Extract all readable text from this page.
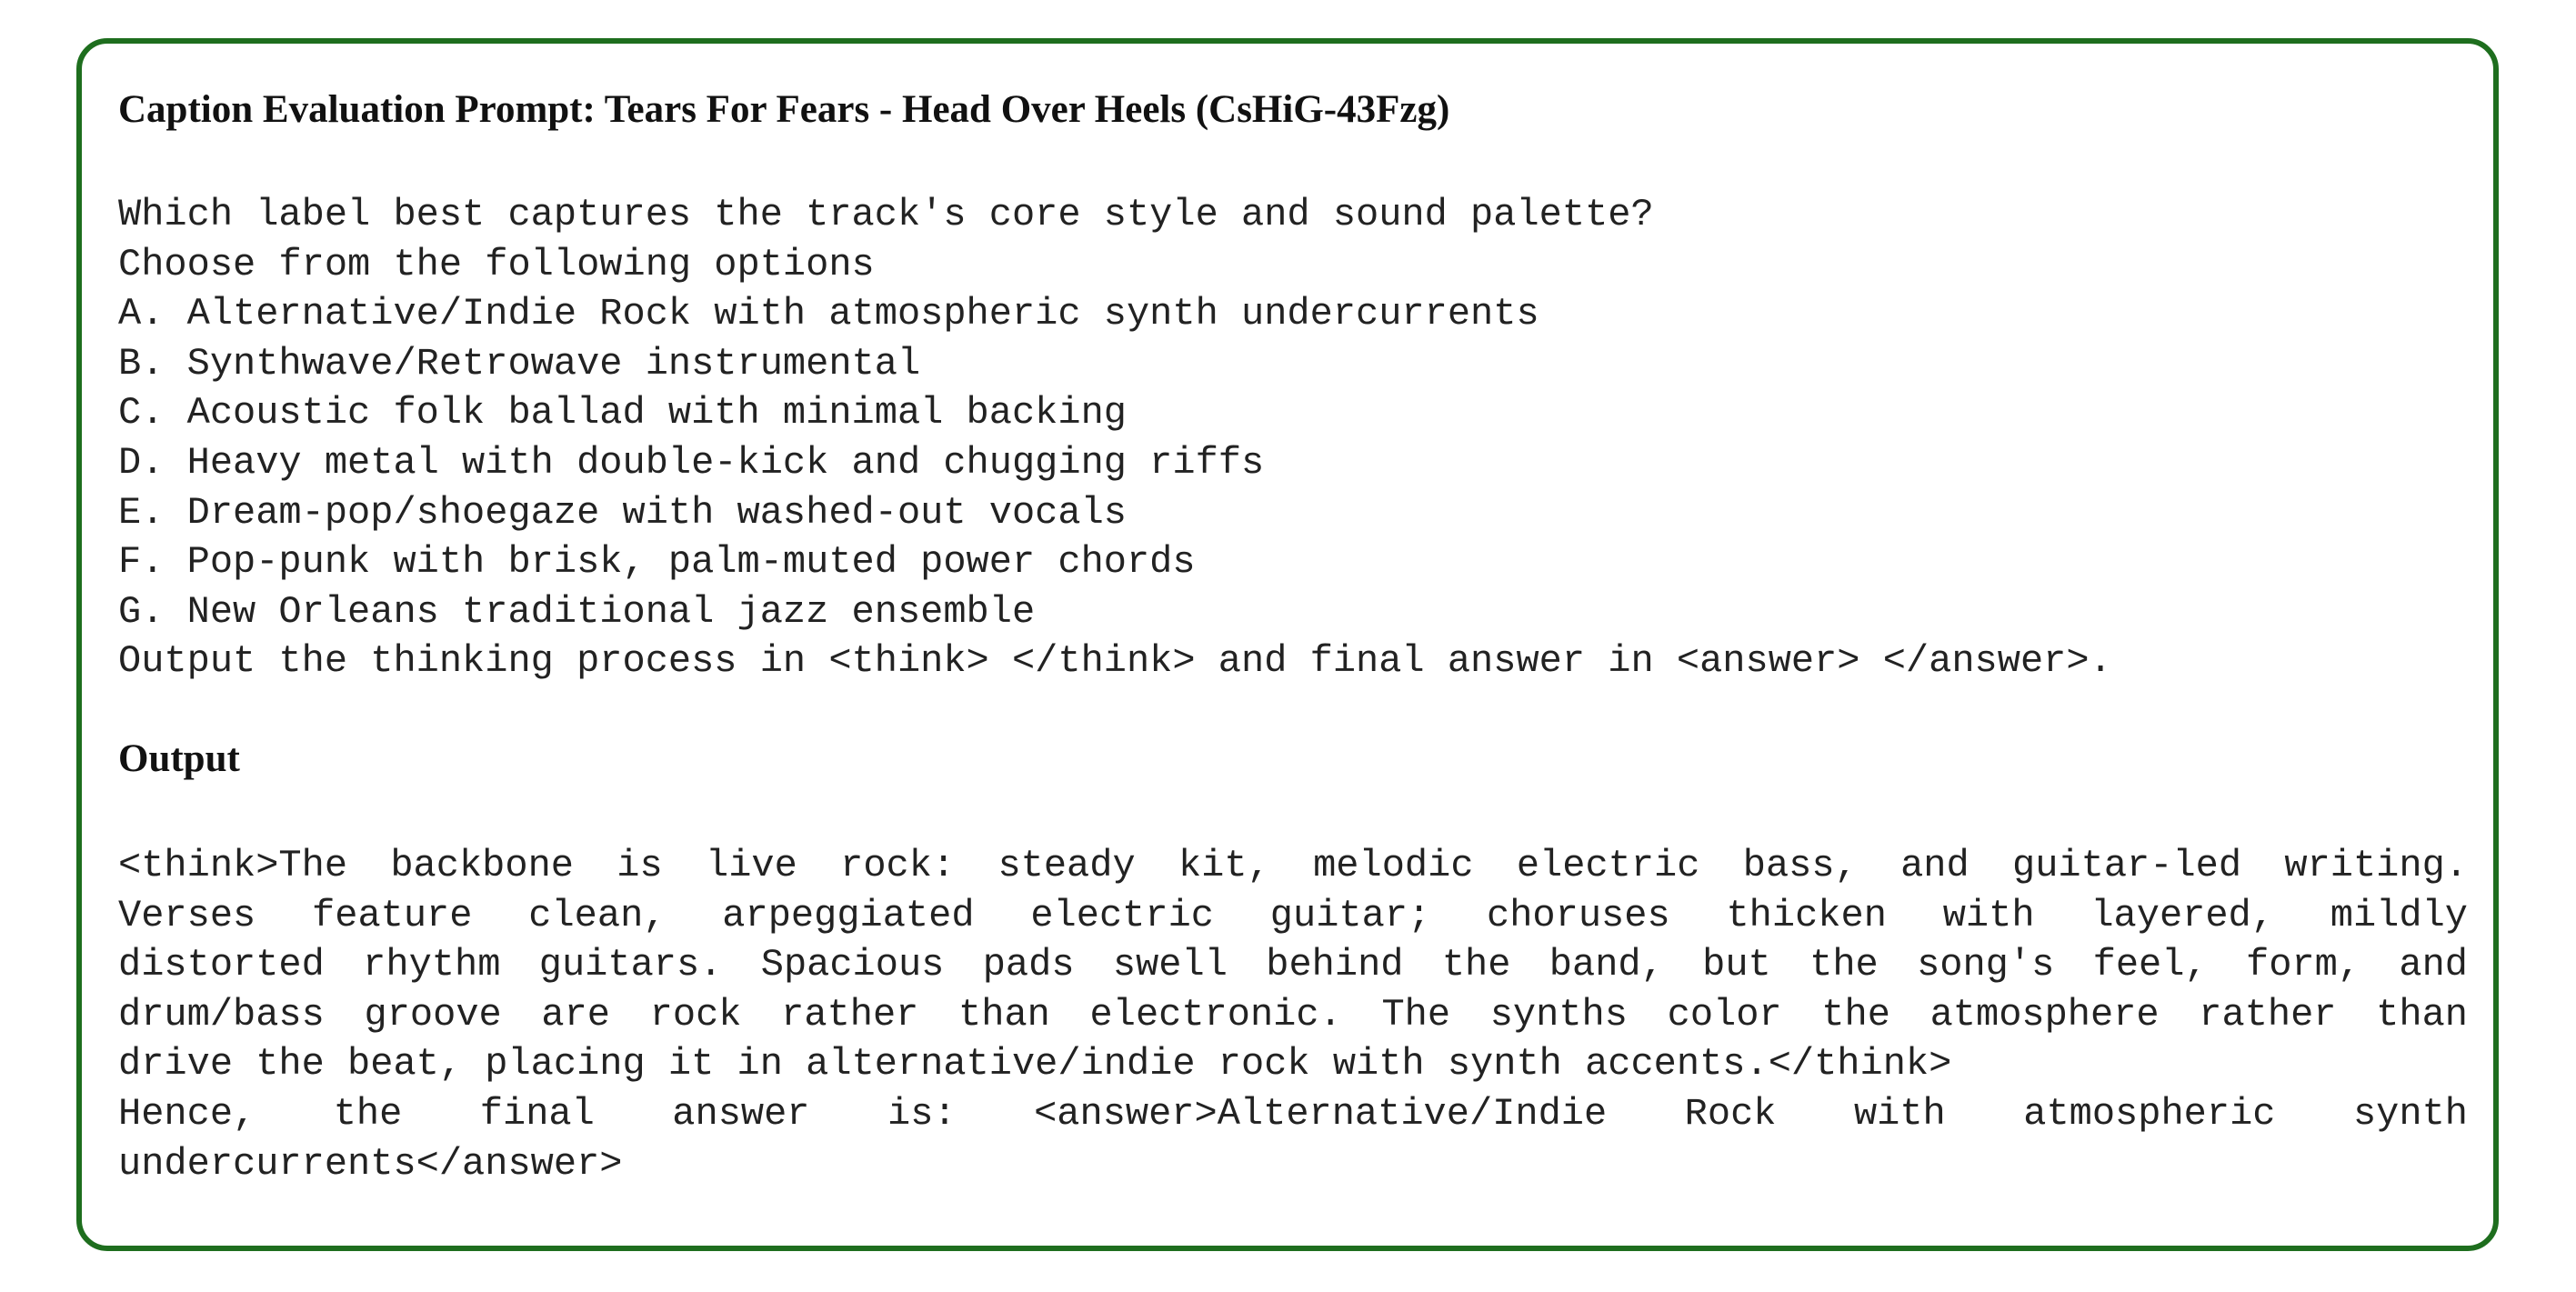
Caption Evaluation Prompt: Tears For Fears - Head Over Heels (CsHiG-43Fzg)
Which label best captures the track's core style and sound palette?
Choose from the following options
A. Alternative/Indie Rock with atmospheric synth undercurrents
B. Synthwave/Retrowave instrumental
C. Acoustic folk ballad with minimal backing
D. Heavy metal with double-kick and chugging riffs
E. Dream-pop/shoegaze with washed-out vocals
F. Pop-punk with brisk, palm-muted power chords
G. New Orleans traditional jazz ensemble
Output the thinking process in <think> </think> and final answer in <answer> </answer>.
Output
<think>The backbone is live rock: steady kit, melodic electric bass, and guitar-led writing.
Verses feature clean, arpeggiated electric guitar; choruses thicken with layered, mildly
distorted rhythm guitars. Spacious pads swell behind the band, but the song's feel, form, and
drum/bass groove are rock rather than electronic. The synths color the atmosphere rather than
drive the beat, placing it in alternative/indie rock with synth accents.</think>
Hence, the final answer is: <answer>Alternative/Indie Rock with atmospheric synth
undercurrents</answer>
